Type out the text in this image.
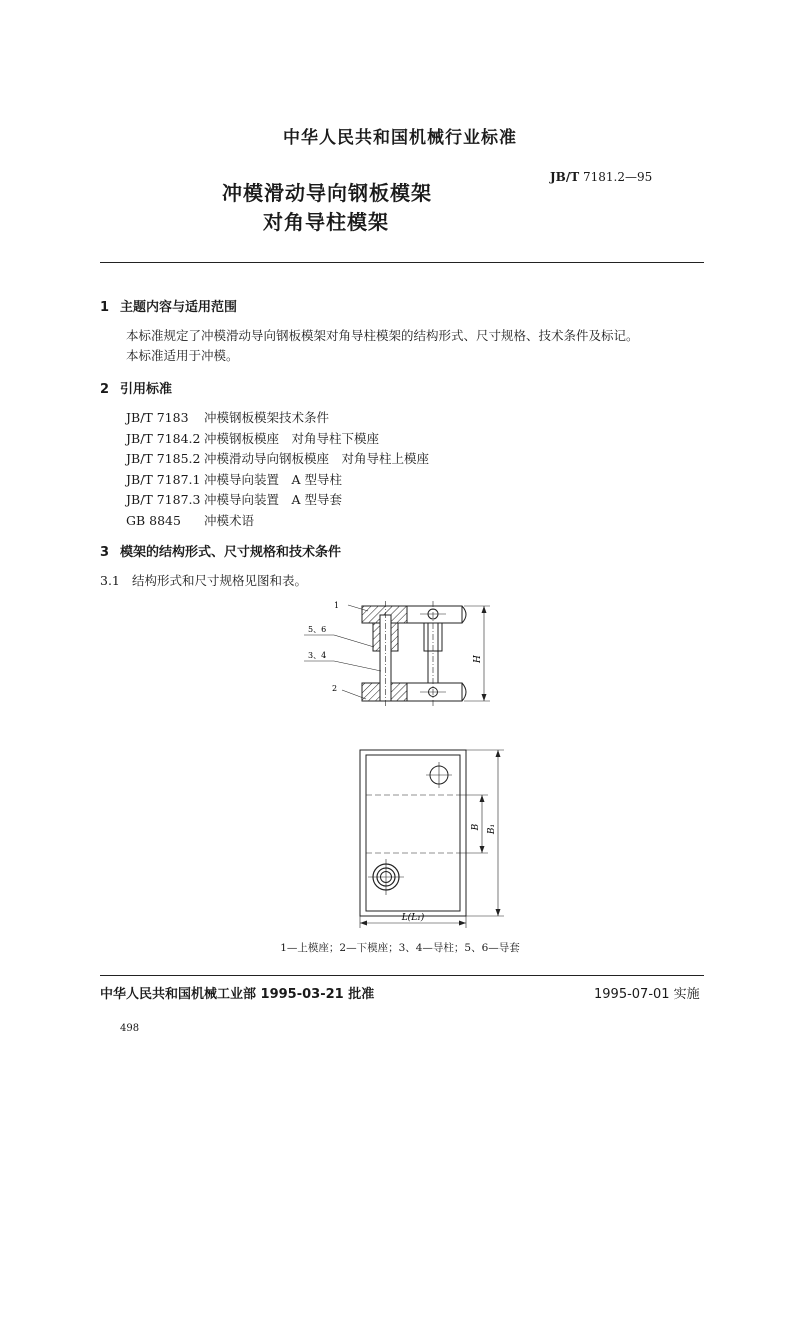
中华人民共和国机械行业标准
JB/T 7181.2—95
冲模滑动导向钢板模架
对角导柱模架
1 主题内容与适用范围
本标准规定了冲模滑动导向钢板模架对角导柱模架的结构形式、尺寸规格、技术条件及标记。
本标准适用于冲模。
2 引用标准
JB/T 7183 冲模钢板模架技术条件
JB/T 7184.2 冲模钢板模座　对角导柱下模座
JB/T 7185.2 冲模滑动导向钢板模座　对角导柱上模座
JB/T 7187.1 冲模导向装置　A 型导柱
JB/T 7187.3 冲模导向装置　A 型导套
GB 8845 冲模术语
3 模架的结构形式、尺寸规格和技术条件
3.1 结构形式和尺寸规格见图和表。
H
1
5、6
3、4
2
B B₁
L(L₁)
1—上模座；2—下模座；3、4—导柱；5、6—导套
中华人民共和国机械工业部 1995-03-21 批准	1995-07-01 实施
498
